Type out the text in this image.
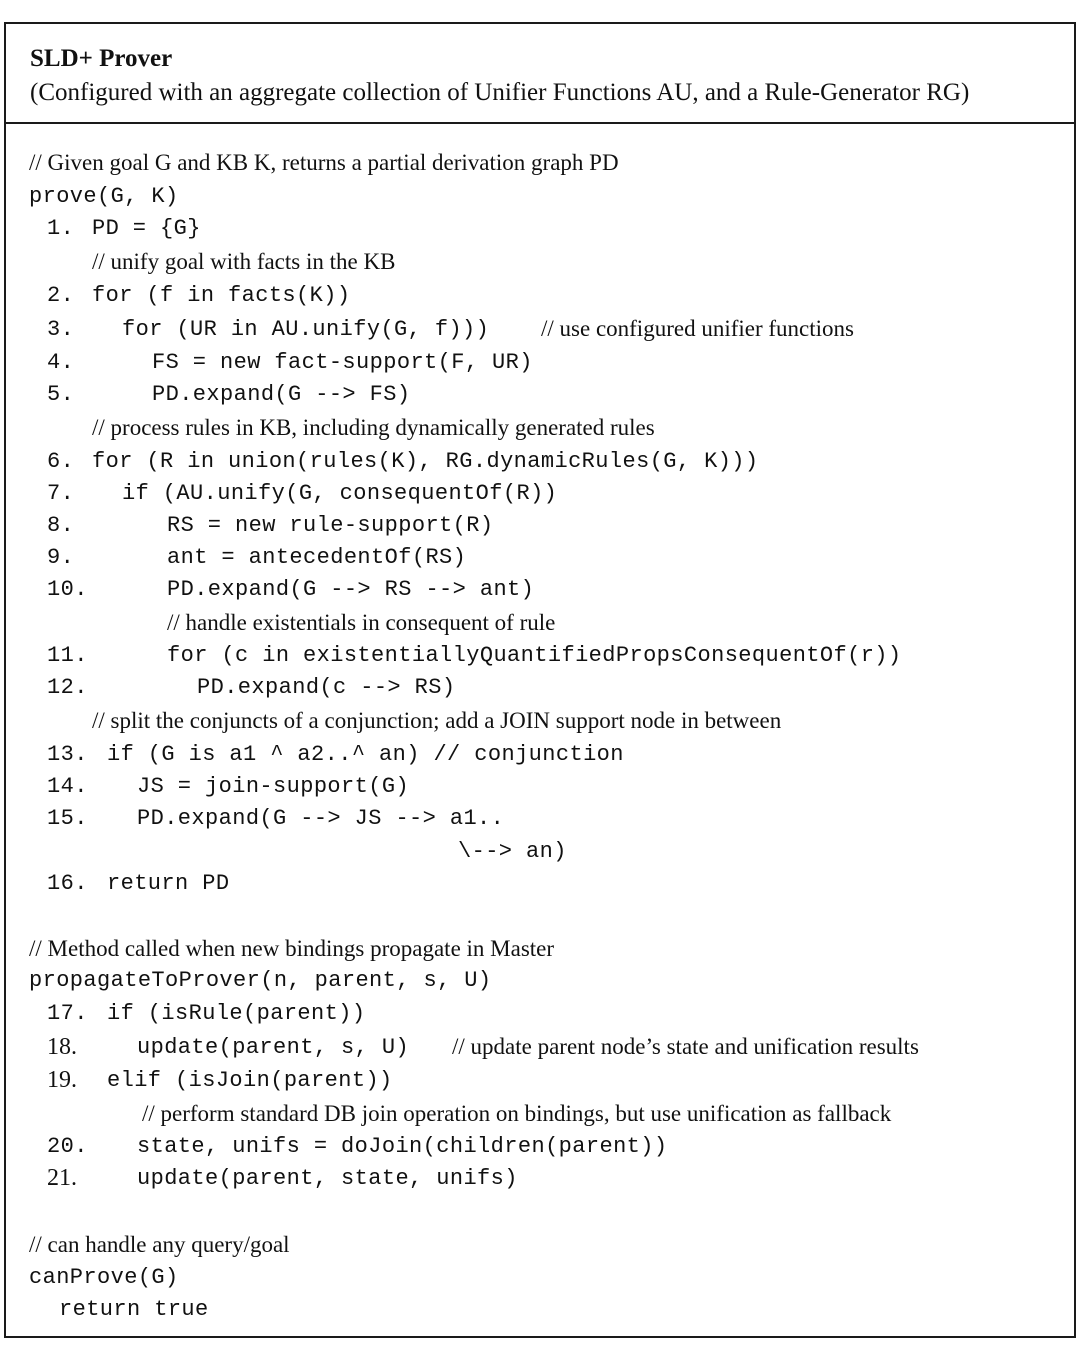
SLD+ Prover
(Configured with an aggregate collection of Unifier Functions AU, and a Rule-Generator RG)
// Given goal G and KB K, returns a partial derivation graph PD
prove(G, K)
1. PD = {G}
// unify goal with facts in the KB
2. for (f in facts(K))
3. for (UR in AU.unify(G, f))) // use configured unifier functions
4.	FS = new fact-support(F, UR)
5.	PD.expand(G --> FS)
// process rules in KB, including dynamically generated rules
6. for (R in union(rules(K), RG.dynamicRules(G, K)))
7. if (AU.unify(G, consequentOf(R))
8.	RS = new rule-support(R)
9.	ant = antecedentOf(RS)
10.	PD.expand(G --> RS --> ant)
// handle existentials in consequent of rule
11.	for (c in existentiallyQuantifiedPropsConsequentOf(r))
12.	PD.expand(c --> RS)
// split the conjuncts of a conjunction; add a JOIN support node in between
13. if (G is a1 ^ a2..^ an) // conjunction
14. JS = join-support(G)
15. PD.expand(G --> JS --> a1..
\--> an)
16. return PD
// Method called when new bindings propagate in Master
propagateToProver(n, parent, s, U)
17. if (isRule(parent))
18.	update(parent, s, U) // update parent node’s state and unification results
19. elif (isJoin(parent))
// perform standard DB join operation on bindings, but use unification as fallback
20. state, unifs = doJoin(children(parent))
21.	update(parent, state, unifs)
// can handle any query/goal
canProve(G)
return true
